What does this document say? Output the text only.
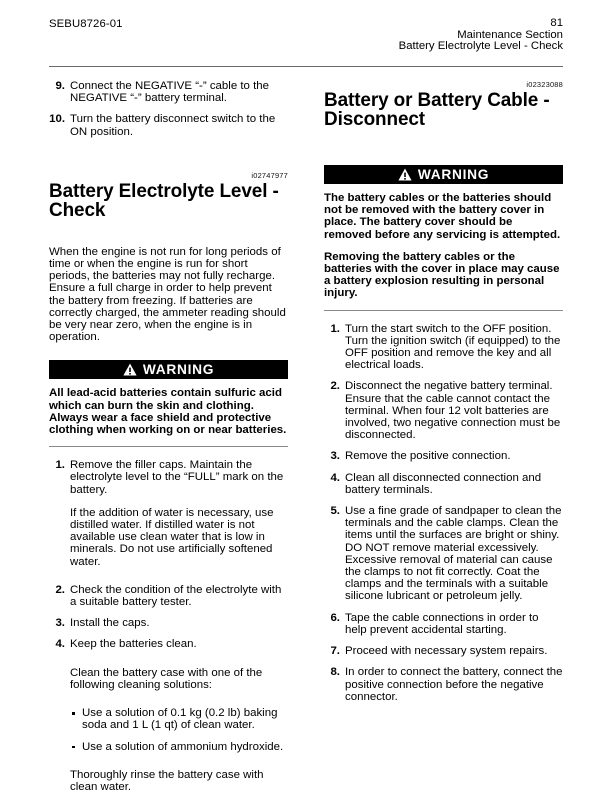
SEBU8726-01	81
Maintenance Section
Battery Electrolyte Level - Check
9. Connect the NEGATIVE “-” cable to the NEGATIVE “-” battery terminal.
10. Turn the battery disconnect switch to the ON position.
i02747977
Battery Electrolyte Level - Check
When the engine is not run for long periods of time or when the engine is run for short periods, the batteries may not fully recharge. Ensure a full charge in order to help prevent the battery from freezing. If batteries are correctly charged, the ammeter reading should be very near zero, when the engine is in operation.
WARNING
All lead-acid batteries contain sulfuric acid which can burn the skin and clothing. Always wear a face shield and protective clothing when working on or near batteries.
1. Remove the filler caps. Maintain the electrolyte level to the “FULL” mark on the battery.
If the addition of water is necessary, use distilled water. If distilled water is not available use clean water that is low in minerals. Do not use artificially softened water.
2. Check the condition of the electrolyte with a suitable battery tester.
3. Install the caps.
4. Keep the batteries clean.
Clean the battery case with one of the following cleaning solutions:
Use a solution of 0.1 kg (0.2 lb) baking soda and 1 L (1 qt) of clean water.
Use a solution of ammonium hydroxide.
Thoroughly rinse the battery case with clean water.
i02323088
Battery or Battery Cable - Disconnect
WARNING
The battery cables or the batteries should not be removed with the battery cover in place. The battery cover should be removed before any servicing is attempted.
Removing the battery cables or the batteries with the cover in place may cause a battery explosion resulting in personal injury.
1. Turn the start switch to the OFF position. Turn the ignition switch (if equipped) to the OFF position and remove the key and all electrical loads.
2. Disconnect the negative battery terminal. Ensure that the cable cannot contact the terminal. When four 12 volt batteries are involved, two negative connection must be disconnected.
3. Remove the positive connection.
4. Clean all disconnected connection and battery terminals.
5. Use a fine grade of sandpaper to clean the terminals and the cable clamps. Clean the items until the surfaces are bright or shiny. DO NOT remove material excessively. Excessive removal of material can cause the clamps to not fit correctly. Coat the clamps and the terminals with a suitable silicone lubricant or petroleum jelly.
6. Tape the cable connections in order to help prevent accidental starting.
7. Proceed with necessary system repairs.
8. In order to connect the battery, connect the positive connection before the negative connector.
